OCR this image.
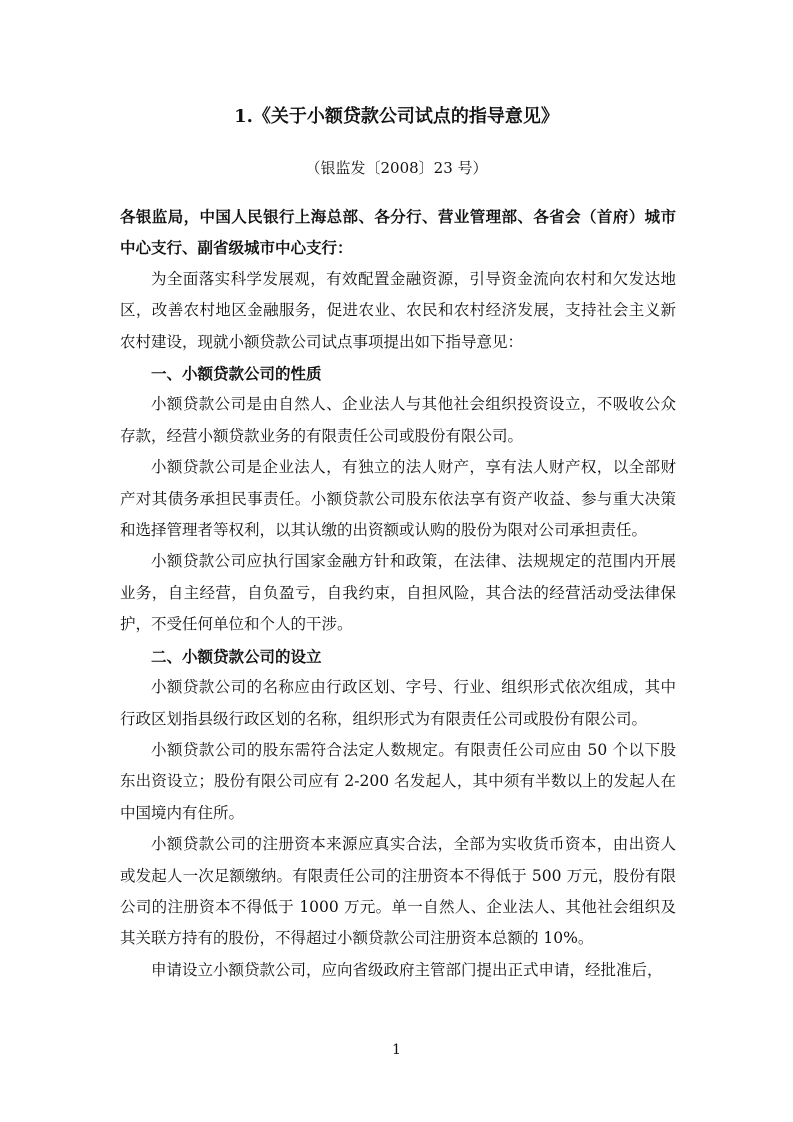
1.《关于小额贷款公司试点的指导意见》
（银监发〔2008〕23 号）

各银监局，中国人民银行上海总部、各分行、营业管理部、各省会（首府）城市中心支行、副省级城市中心支行：

为全面落实科学发展观，有效配置金融资源，引导资金流向农村和欠发达地区，改善农村地区金融服务，促进农业、农民和农村经济发展，支持社会主义新农村建设，现就小额贷款公司试点事项提出如下指导意见：

一、小额贷款公司的性质

小额贷款公司是由自然人、企业法人与其他社会组织投资设立，不吸收公众存款，经营小额贷款业务的有限责任公司或股份有限公司。

小额贷款公司是企业法人，有独立的法人财产，享有法人财产权，以全部财产对其债务承担民事责任。小额贷款公司股东依法享有资产收益、参与重大决策和选择管理者等权利，以其认缴的出资额或认购的股份为限对公司承担责任。

小额贷款公司应执行国家金融方针和政策，在法律、法规规定的范围内开展业务，自主经营，自负盈亏，自我约束，自担风险，其合法的经营活动受法律保护，不受任何单位和个人的干涉。

二、小额贷款公司的设立

小额贷款公司的名称应由行政区划、字号、行业、组织形式依次组成，其中行政区划指县级行政区划的名称，组织形式为有限责任公司或股份有限公司。

小额贷款公司的股东需符合法定人数规定。有限责任公司应由 50 个以下股东出资设立；股份有限公司应有 2-200 名发起人，其中须有半数以上的发起人在中国境内有住所。

小额贷款公司的注册资本来源应真实合法，全部为实收货币资本，由出资人或发起人一次足额缴纳。有限责任公司的注册资本不得低于 500 万元，股份有限公司的注册资本不得低于 1000 万元。单一自然人、企业法人、其他社会组织及其关联方持有的股份，不得超过小额贷款公司注册资本总额的 10%。

申请设立小额贷款公司，应向省级政府主管部门提出正式申请，经批准后，

1
